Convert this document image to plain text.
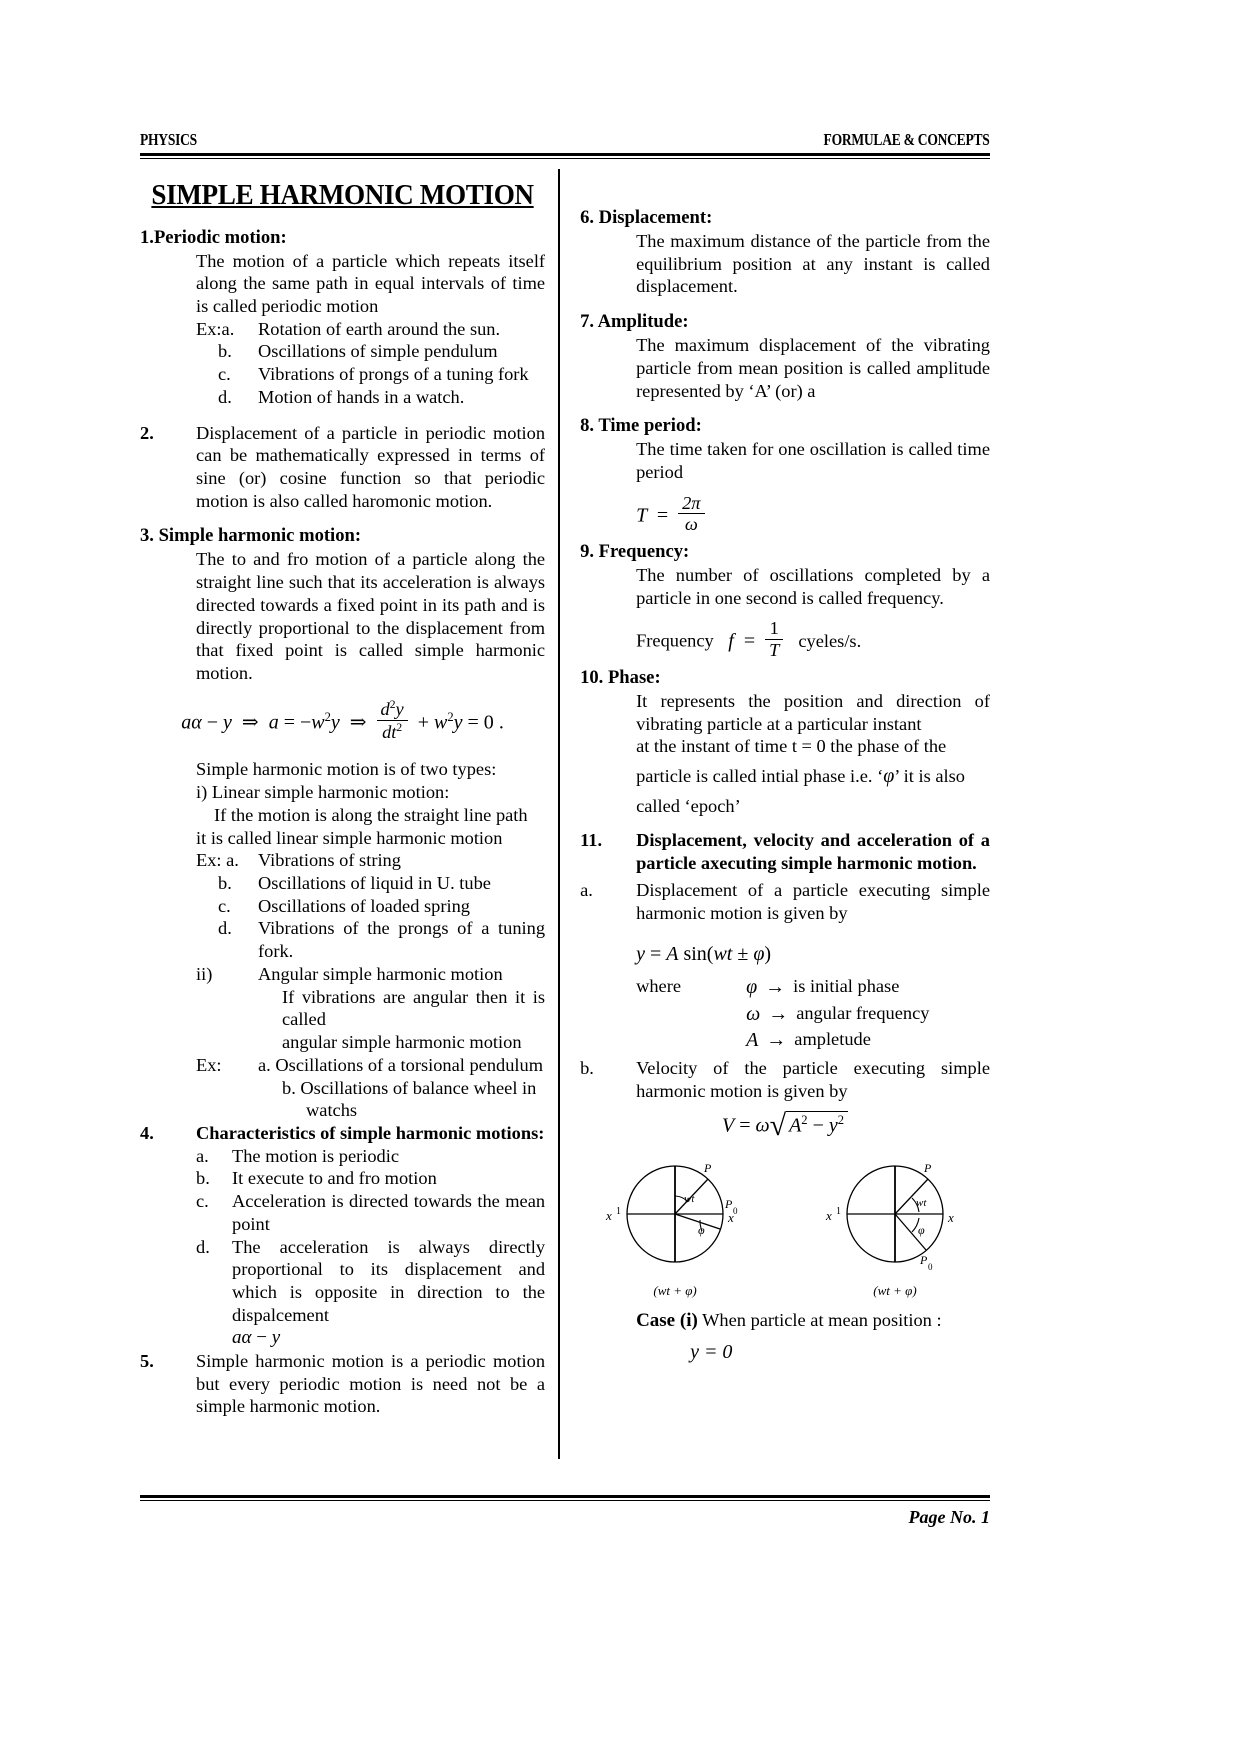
PHYSICS	FORMULAE & CONCEPTS
SIMPLE HARMONIC MOTION
1.Periodic motion:
The motion of a particle which repeats itself along the same path in equal intervals of time is called periodic motion
Ex:a.	Rotation of earth around the sun.
b.	Oscillations of simple pendulum
c.	Vibrations of prongs of a tuning fork
d.	Motion of hands in a watch.
2.	Displacement of a particle in periodic motion can be mathematically expressed in terms of sine (or) cosine function so that periodic motion is also called haromonic motion.
3. Simple harmonic motion:
The to and fro motion of a particle along the straight line such that its acceleration is always directed towards a fixed point in its path and is directly proportional to the displacement from that fixed point is called simple harmonic motion.
aα − y  ⇒  $a = -w^2y$  ⇒ $\frac{d^2y}{dt^2} + w^2y = 0$ .
Simple harmonic motion is of two types:
i) Linear simple harmonic motion:
If the motion is along the straight line path
it is called linear simple harmonic motion
Ex: a.	Vibrations of string
b.	Oscillations of liquid in U. tube
c.	Oscillations of loaded spring
d.	Vibrations of the prongs of a tuning fork.
ii)	Angular simple harmonic motion
If vibrations are angular then it is called
angular simple harmonic motion
Ex:	a. Oscillations of a torsional pendulum
b. Oscillations of balance wheel in
watchs
4.	Characteristics of simple harmonic motions:
a.	The motion is periodic
b.	It execute to and fro motion
c.	Acceleration is directed towards the mean point
d.	The acceleration is always directly proportional to its displacement and which is opposite in direction to the dispalcement
aα − y
5.	Simple harmonic motion is a periodic motion but every periodic motion is need not be a simple harmonic motion.
6. Displacement:
The maximum distance of the particle from the equilibrium position at any instant is called displacement.
7. Amplitude:
The maximum displacement of the vibrating particle from mean position is called amplitude represented by ‘A’ (or) a
8. Time period:
The time taken for one oscillation is called time period
$T = \frac{2\pi}{\omega}$
9. Frequency:
The number of oscillations completed by a particle in one second is called frequency.
Frequency $f = \frac{1}{T}$ cyeles/s.
10. Phase:
It represents the position and direction of vibrating particle at a particular instant
at the instant of time t = 0 the phase of the
particle is called intial phase i.e. ‘φ’ it is also
called ‘epoch’
11.	Displacement, velocity and acceleration of a particle axecuting simple harmonic motion.
a.	Displacement of a particle executing simple harmonic motion is given by
y = A sin(wt ± φ)
where	φ → is initial phase
ω → angular frequency
A → ampletude
b.	Velocity of the particle executing simple harmonic motion is given by
V = ω√ $A^2 - y^2$
P
P 0
wt
φ
x 1	x
(wt + φ)
P
P 0
wt
φ
x 1	x
(wt + φ)
Case (i) When particle at mean position :
y = 0
Page No. 1
